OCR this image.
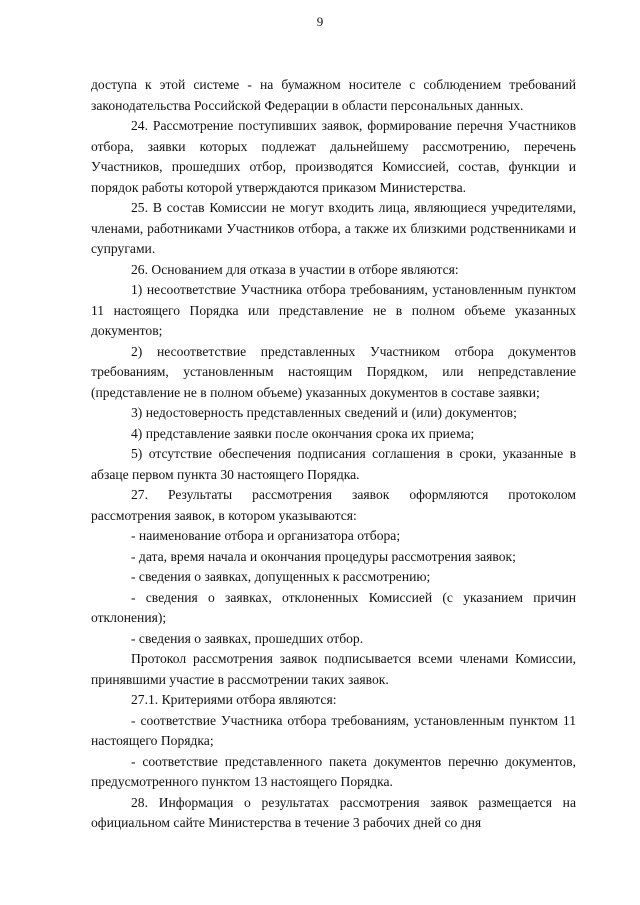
9

доступа к этой системе - на бумажном носителе с соблюдением требований законодательства Российской Федерации в области персональных данных.

24. Рассмотрение поступивших заявок, формирование перечня Участников отбора, заявки которых подлежат дальнейшему рассмотрению, перечень Участников, прошедших отбор, производятся Комиссией, состав, функции и порядок работы которой утверждаются приказом Министерства.

25. В состав Комиссии не могут входить лица, являющиеся учредителями, членами, работниками Участников отбора, а также их близкими родственниками и супругами.

26. Основанием для отказа в участии в отборе являются:

1) несоответствие Участника отбора требованиям, установленным пунктом 11 настоящего Порядка или представление не в полном объеме указанных документов;

2) несоответствие представленных Участником отбора документов требованиям, установленным настоящим Порядком, или непредставление (представление не в полном объеме) указанных документов в составе заявки;

3) недостоверность представленных сведений и (или) документов;

4) представление заявки после окончания срока их приема;

5) отсутствие обеспечения подписания соглашения в сроки, указанные в абзаце первом пункта 30 настоящего Порядка.

27. Результаты рассмотрения заявок оформляются протоколом рассмотрения заявок, в котором указываются:

- наименование отбора и организатора отбора;

- дата, время начала и окончания процедуры рассмотрения заявок;

- сведения о заявках, допущенных к рассмотрению;

- сведения о заявках, отклоненных Комиссией (с указанием причин отклонения);

- сведения о заявках, прошедших отбор.

Протокол рассмотрения заявок подписывается всеми членами Комиссии, принявшими участие в рассмотрении таких заявок.

27.1. Критериями отбора являются:

- соответствие Участника отбора требованиям, установленным пунктом 11 настоящего Порядка;

- соответствие представленного пакета документов перечню документов, предусмотренного пунктом 13 настоящего Порядка.

28. Информация о результатах рассмотрения заявок размещается на официальном сайте Министерства в течение 3 рабочих дней со дня
